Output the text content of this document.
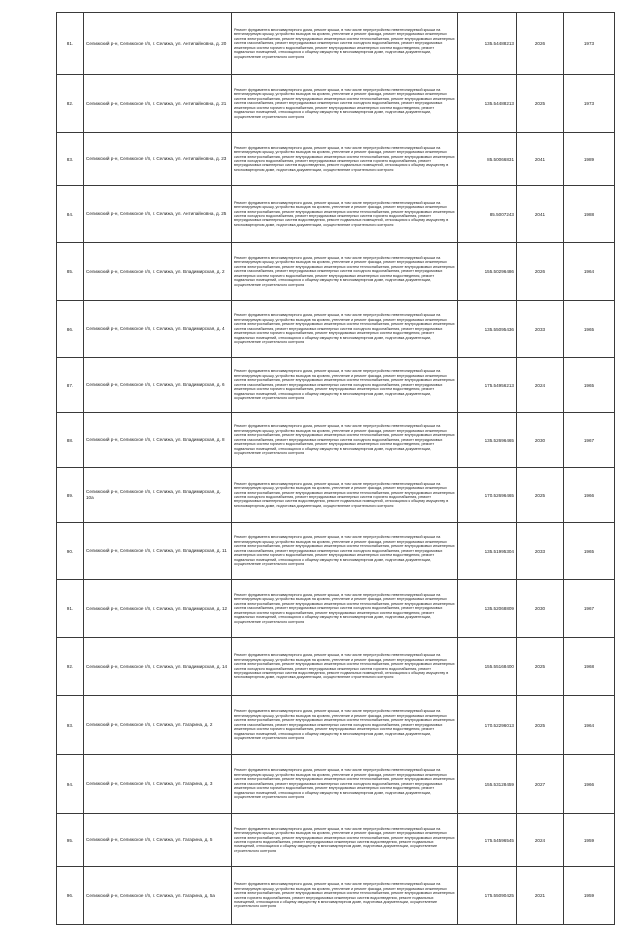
81.	Селижский р-н, Селижское г/п, г. Селижа, ул. Антипайновна, д. 20	Ремонт фундамента многоквартирного дома, ремонт крыши, в том числе переустройство невентилируемой крыши на вентилируемую крышу, устройство выходов на кровлю, утепление и ремонт фасада, ремонт внутридомовых инженерных систем электроснабжения, ремонт внутридомовых инженерных систем теплоснабжения, ремонт внутридомовых инженерных систем газоснабжения, ремонт внутридомовых инженерных систем холодного водоснабжения, ремонт внутридомовых инженерных систем горячего водоснабжения, ремонт внутридомовых инженерных систем водоотведения, ремонт подвальных помещений, относящихся к общему имуществу в многоквартирном доме, подготовка документации, осуществление строительного контроля	135.54488213	2026	1973
82.	Селижский р-н, Селижское г/п, г. Селижа, ул. Антипайновна, д. 21	Ремонт фундамента многоквартирного дома, ремонт крыши, в том числе переустройство невентилируемой крыши на вентилируемую крышу, устройство выходов на кровлю, утепление и ремонт фасада, ремонт внутридомовых инженерных систем электроснабжения, ремонт внутридомовых инженерных систем теплоснабжения, ремонт внутридомовых инженерных систем газоснабжения, ремонт внутридомовых инженерных систем холодного водоснабжения, ремонт внутридомовых инженерных систем горячего водоснабжения, ремонт внутридомовых инженерных систем водоотведения, ремонт подвальных помещений, относящихся к общему имуществу в многоквартирном доме, подготовка документации, осуществление строительного контроля	135.54488213	2025	1973
83.	Селижский р-н, Селижское г/п, г. Селижа, ул. Антипайновна, д. 23	Ремонт фундамента многоквартирного дома, ремонт крыши, в том числе переустройство невентилируемой крыши на вентилируемую крышу, устройство выходов на кровлю, утепление и ремонт фасада, ремонт внутридомовых инженерных систем электроснабжения, ремонт внутридомовых инженерных систем теплоснабжения, ремонт внутридомовых инженерных систем холодного водоснабжения, ремонт внутридомовых инженерных систем горячего водоснабжения, ремонт внутридомовых инженерных систем водоотведения, ремонт подвальных помещений, относящихся к общему имуществу в многоквартирном доме, подготовка документации, осуществление строительного контроля	85.50066831	2041	1989
84.	Селижский р-н, Селижское г/п, г. Селижа, ул. Антипайновна, д. 25	Ремонт фундамента многоквартирного дома, ремонт крыши, в том числе переустройство невентилируемой крыши на вентилируемую крышу, устройство выходов на кровлю, утепление и ремонт фасада, ремонт внутридомовых инженерных систем электроснабжения, ремонт внутридомовых инженерных систем теплоснабжения, ремонт внутридомовых инженерных систем холодного водоснабжения, ремонт внутридомовых инженерных систем горячего водоснабжения, ремонт внутридомовых инженерных систем водоотведения, ремонт подвальных помещений, относящихся к общему имуществу в многоквартирном доме, подготовка документации, осуществление строительного контроля	85.5007243	2041	1988
85.	Селижский р-н, Селижское г/п, г. Селижа, ул. Владимирская, д. 2	Ремонт фундамента многоквартирного дома, ремонт крыши, в том числе переустройство невентилируемой крыши на вентилируемую крышу, устройство выходов на кровлю, утепление и ремонт фасада, ремонт внутридомовых инженерных систем электроснабжения, ремонт внутридомовых инженерных систем теплоснабжения, ремонт внутридомовых инженерных систем газоснабжения, ремонт внутридомовых инженерных систем холодного водоснабжения, ремонт внутридомовых инженерных систем горячего водоснабжения, ремонт внутридомовых инженерных систем водоотведения, ремонт подвальных помещений, относящихся к общему имуществу в многоквартирном доме, подготовка документации, осуществление строительного контроля	155.50296486	2026	1964
86.	Селижский р-н, Селижское г/п, г. Селижа, ул. Владимирская, д. 4	Ремонт фундамента многоквартирного дома, ремонт крыши, в том числе переустройство невентилируемой крыши на вентилируемую крышу, устройство выходов на кровлю, утепление и ремонт фасада, ремонт внутридомовых инженерных систем электроснабжения, ремонт внутридомовых инженерных систем теплоснабжения, ремонт внутридомовых инженерных систем газоснабжения, ремонт внутридомовых инженерных систем холодного водоснабжения, ремонт внутридомовых инженерных систем горячего водоснабжения, ремонт внутридомовых инженерных систем водоотведения, ремонт подвальных помещений, относящихся к общему имуществу в многоквартирном доме, подготовка документации, осуществление строительного контроля	135.55095436	2033	1965
87.	Селижский р-н, Селижское г/п, г. Селижа, ул. Владимирская, д. 6	Ремонт фундамента многоквартирного дома, ремонт крыши, в том числе переустройство невентилируемой крыши на вентилируемую крышу, устройство выходов на кровлю, утепление и ремонт фасада, ремонт внутридомовых инженерных систем электроснабжения, ремонт внутридомовых инженерных систем теплоснабжения, ремонт внутридомовых инженерных систем газоснабжения, ремонт внутридомовых инженерных систем холодного водоснабжения, ремонт внутридомовых инженерных систем горячего водоснабжения, ремонт внутридомовых инженерных систем водоотведения, ремонт подвальных помещений, относящихся к общему имуществу в многоквартирном доме, подготовка документации, осуществление строительного контроля	175.54956213	2024	1965
88.	Селижский р-н, Селижское г/п, г. Селижа, ул. Владимирская, д. 8	Ремонт фундамента многоквартирного дома, ремонт крыши, в том числе переустройство невентилируемой крыши на вентилируемую крышу, устройство выходов на кровлю, утепление и ремонт фасада, ремонт внутридомовых инженерных систем электроснабжения, ремонт внутридомовых инженерных систем теплоснабжения, ремонт внутридомовых инженерных систем газоснабжения, ремонт внутридомовых инженерных систем холодного водоснабжения, ремонт внутридомовых инженерных систем горячего водоснабжения, ремонт внутридомовых инженерных систем водоотведения, ремонт подвальных помещений, относящихся к общему имуществу в многоквартирном доме, подготовка документации, осуществление строительного контроля	135.52696465	2030	1967
89.	Селижский р-н, Селижское г/п, г. Селижа, ул. Владимирская, д. 10а	Ремонт фундамента многоквартирного дома, ремонт крыши, в том числе переустройство невентилируемой крыши на вентилируемую крышу, устройство выходов на кровлю, утепление и ремонт фасада, ремонт внутридомовых инженерных систем электроснабжения, ремонт внутридомовых инженерных систем теплоснабжения, ремонт внутридомовых инженерных систем холодного водоснабжения, ремонт внутридомовых инженерных систем горячего водоснабжения, ремонт внутридомовых инженерных систем водоотведения, ремонт подвальных помещений, относящихся к общему имуществу в многоквартирном доме, подготовка документации, осуществление строительного контроля	170.52696465	2025	1966
90.	Селижский р-н, Селижское г/п, г. Селижа, ул. Владимирская, д. 11	Ремонт фундамента многоквартирного дома, ремонт крыши, в том числе переустройство невентилируемой крыши на вентилируемую крышу, устройство выходов на кровлю, утепление и ремонт фасада, ремонт внутридомовых инженерных систем электроснабжения, ремонт внутридомовых инженерных систем теплоснабжения, ремонт внутридомовых инженерных систем газоснабжения, ремонт внутридомовых инженерных систем холодного водоснабжения, ремонт внутридомовых инженерных систем горячего водоснабжения, ремонт внутридомовых инженерных систем водоотведения, ремонт подвальных помещений, относящихся к общему имуществу в многоквартирном доме, подготовка документации, осуществление строительного контроля	135.51995304	2033	1965
91.	Селижский р-н, Селижское г/п, г. Селижа, ул. Владимирская, д. 12	Ремонт фундамента многоквартирного дома, ремонт крыши, в том числе переустройство невентилируемой крыши на вентилируемую крышу, устройство выходов на кровлю, утепление и ремонт фасада, ремонт внутридомовых инженерных систем электроснабжения, ремонт внутридомовых инженерных систем теплоснабжения, ремонт внутридомовых инженерных систем газоснабжения, ремонт внутридомовых инженерных систем холодного водоснабжения, ремонт внутридомовых инженерных систем горячего водоснабжения, ремонт внутридомовых инженерных систем водоотведения, ремонт подвальных помещений, относящихся к общему имуществу в многоквартирном доме, подготовка документации, осуществление строительного контроля	135.52068809	2030	1967
92.	Селижский р-н, Селижское г/п, г. Селижа, ул. Владимирская, д. 14	Ремонт фундамента многоквартирного дома, ремонт крыши, в том числе переустройство невентилируемой крыши на вентилируемую крышу, устройство выходов на кровлю, утепление и ремонт фасада, ремонт внутридомовых инженерных систем электроснабжения, ремонт внутридомовых инженерных систем теплоснабжения, ремонт внутридомовых инженерных систем холодного водоснабжения, ремонт внутридомовых инженерных систем горячего водоснабжения, ремонт внутридомовых инженерных систем водоотведения, ремонт подвальных помещений, относящихся к общему имуществу в многоквартирном доме, подготовка документации, осуществление строительного контроля	155.55168400	2025	1968
93.	Селижский р-н, Селижское г/п, г. Селижа, ул. Гагарина, д. 2	Ремонт фундамента многоквартирного дома, ремонт крыши, в том числе переустройство невентилируемой крыши на вентилируемую крышу, устройство выходов на кровлю, утепление и ремонт фасада, ремонт внутридомовых инженерных систем электроснабжения, ремонт внутридомовых инженерных систем теплоснабжения, ремонт внутридомовых инженерных систем газоснабжения, ремонт внутридомовых инженерных систем холодного водоснабжения, ремонт внутридомовых инженерных систем горячего водоснабжения, ремонт внутридомовых инженерных систем водоотведения, ремонт подвальных помещений, относящихся к общему имуществу в многоквартирном доме, подготовка документации, осуществление строительного контроля	170.52296013	2025	1964
94.	Селижский р-н, Селижское г/п, г. Селижа, ул. Гагарина, д. 3	Ремонт фундамента многоквартирного дома, ремонт крыши, в том числе переустройство невентилируемой крыши на вентилируемую крышу, устройство выходов на кровлю, утепление и ремонт фасада, ремонт внутридомовых инженерных систем электроснабжения, ремонт внутридомовых инженерных систем теплоснабжения, ремонт внутридомовых инженерных систем газоснабжения, ремонт внутридомовых инженерных систем холодного водоснабжения, ремонт внутридомовых инженерных систем горячего водоснабжения, ремонт внутридомовых инженерных систем водоотведения, ремонт подвальных помещений, относящихся к общему имуществу в многоквартирном доме, подготовка документации, осуществление строительного контроля	155.53128459	2027	1966
95.	Селижский р-н, Селижское г/п, г. Селижа, ул. Гагарина, д. 5	Ремонт фундамента многоквартирного дома, ремонт крыши, в том числе переустройство невентилируемой крыши на вентилируемую крышу, устройство выходов на кровлю, утепление и ремонт фасада, ремонт внутридомовых инженерных систем электроснабжения, ремонт внутридомовых инженерных систем теплоснабжения, ремонт внутридомовых инженерных систем горячего водоснабжения, ремонт внутридомовых инженерных систем водоотведения, ремонт подвальных помещений, относящихся к общему имуществу в многоквартирном доме, подготовка документации, осуществление строительного контроля	175.54596545	2024	1959
96.	Селижский р-н, Селижское г/п, г. Селижа, ул. Гагарина, д. 5а	Ремонт фундамента многоквартирного дома, ремонт крыши, в том числе переустройство невентилируемой крыши на вентилируемую крышу, устройство выходов на кровлю, утепление и ремонт фасада, ремонт внутридомовых инженерных систем электроснабжения, ремонт внутридомовых инженерных систем теплоснабжения, ремонт внутридомовых инженерных систем горячего водоснабжения, ремонт внутридомовых инженерных систем водоотведения, ремонт подвальных помещений, относящихся к общему имуществу в многоквартирном доме, подготовка документации, осуществление строительного контроля	175.55090425	2021	1959
